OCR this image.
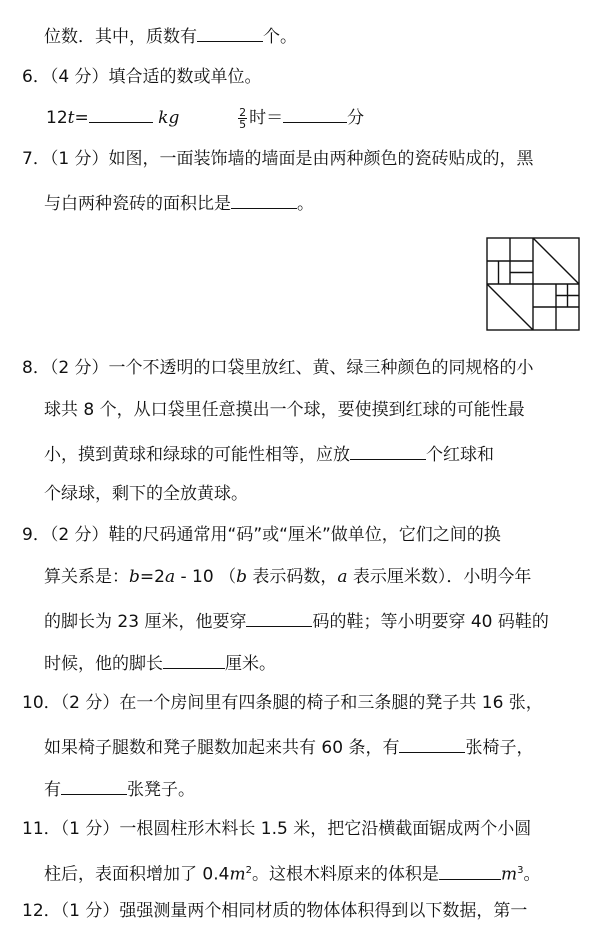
位数．其中，质数有	个。
6．（4 分）填合适的数或单位。
12t=	kg	$\frac{2}{5}$ 时＝	分
7．（1 分）如图，一面装饰墙的墙面是由两种颜色的瓷砖贴成的，黑
与白两种瓷砖的面积比是	。
8．（2 分）一个不透明的口袋里放红、黄、绿三种颜色的同规格的小
球共 8 个，从口袋里任意摸出一个球，要使摸到红球的可能性最
小，摸到黄球和绿球的可能性相等，应放	个红球和
个绿球，剩下的全放黄球。
9．（2 分）鞋的尺码通常用“码”或“厘米”做单位，它们之间的换
算关系是：b=2a - 10 （b 表示码数，a 表示厘米数）．小明今年
的脚长为 23 厘米，他要穿	码的鞋；等小明要穿 40 码鞋的
时候，他的脚长	厘米。
10．（2 分）在一个房间里有四条腿的椅子和三条腿的凳子共 16 张，
如果椅子腿数和凳子腿数加起来共有 60 条，有	张椅子，
有	张凳子。
11．（1 分）一根圆柱形木料长 1.5 米，把它沿横截面锯成两个小圆
柱后，表面积增加了 $0.4m^2$。这根木料原来的体积是	$m^3$。
12．（1 分）强强测量两个相同材质的物体体积得到以下数据，第一
